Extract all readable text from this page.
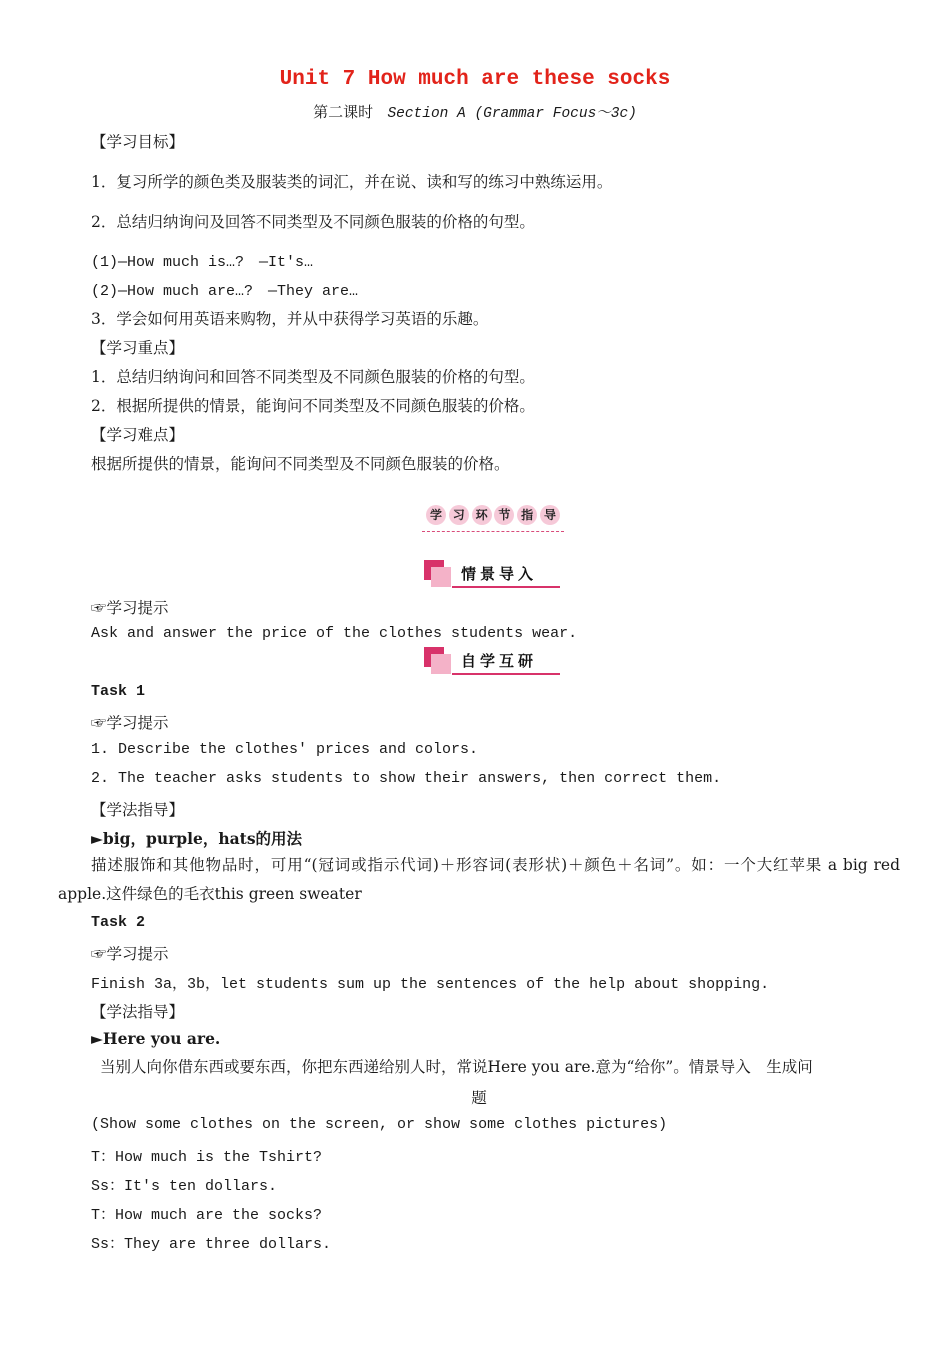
Unit 7 How much are these socks
第二课时 Section A (Grammar Focus～3c)
【学习目标】
1．复习所学的颜色类及服装类的词汇，并在说、读和写的练习中熟练运用。
2．总结归纳询问及回答不同类型及不同颜色服装的价格的句型。
(1)—How much is…?　—It's…
(2)—How much are…?　—They are…
3．学会如何用英语来购物，并从中获得学习英语的乐趣。
【学习重点】
1．总结归纳询问和回答不同类型及不同颜色服装的价格的句型。
2．根据所提供的情景，能询问不同类型及不同颜色服装的价格。
【学习难点】
根据所提供的情景，能询问不同类型及不同颜色服装的价格。
学 习 环 节 指 导
情景导入
☞学习提示
Ask and answer the price of the clothes students wear.
自学互研
Task 1
☞学习提示
1. Describe the clothes' prices and colors.
2. The teacher asks students to show their answers, then correct them.
【学法指导】
►big，purple，hats的用法
描述服饰和其他物品时，可用“(冠词或指示代词)＋形容词(表形状)＋颜色＋名词”。如：一个大红苹果 a big red apple.这件绿色的毛衣this green sweater
Task 2
☞学习提示
Finish 3a，3b，let students sum up the sentences of the help about shopping.
【学法指导】
►Here you are.
当别人向你借东西或要东西，你把东西递给别人时，常说Here you are.意为“给你”。情景导入　生成问
题
(Show some clothes on the screen, or show some clothes pictures)
T：How much is the Tshirt?
Ss：It's ten dollars.
T：How much are the socks?
Ss：They are three dollars.
